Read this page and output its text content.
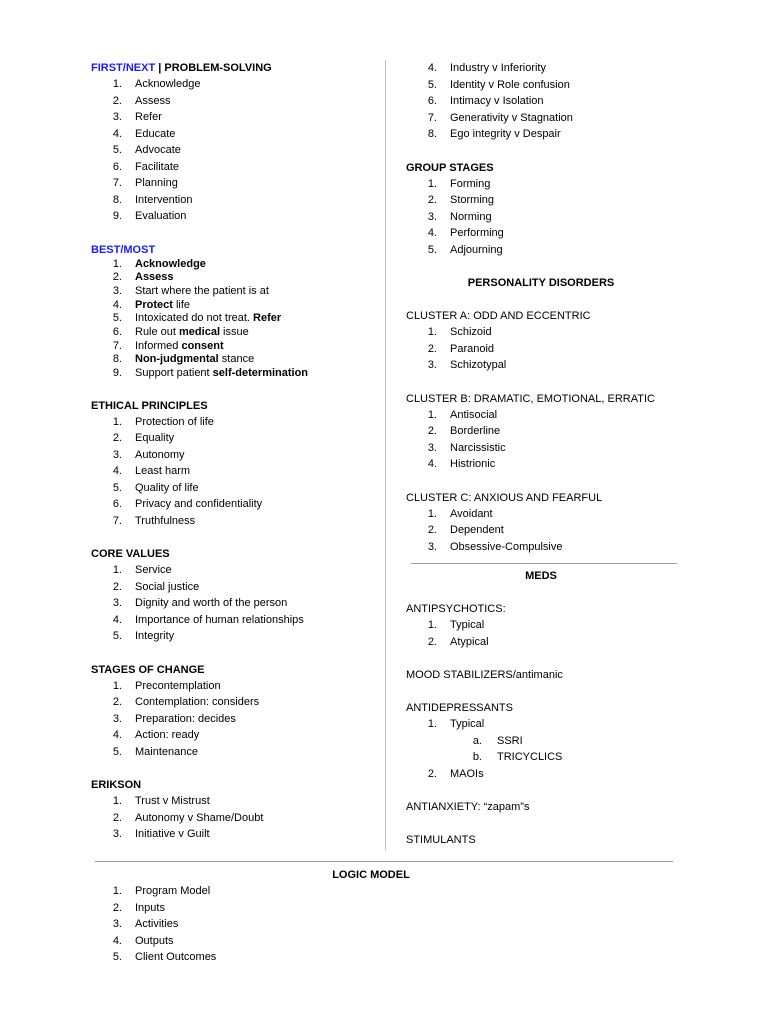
FIRST/NEXT | PROBLEM-SOLVING
1. Acknowledge
2. Assess
3. Refer
4. Educate
5. Advocate
6. Facilitate
7. Planning
8. Intervention
9. Evaluation
BEST/MOST
1. Acknowledge
2. Assess
3. Start where the patient is at
4. Protect life
5. Intoxicated do not treat. Refer
6. Rule out medical issue
7. Informed consent
8. Non-judgmental stance
9. Support patient self-determination
ETHICAL PRINCIPLES
1. Protection of life
2. Equality
3. Autonomy
4. Least harm
5. Quality of life
6. Privacy and confidentiality
7. Truthfulness
CORE VALUES
1. Service
2. Social justice
3. Dignity and worth of the person
4. Importance of human relationships
5. Integrity
STAGES OF CHANGE
1. Precontemplation
2. Contemplation: considers
3. Preparation: decides
4. Action: ready
5. Maintenance
ERIKSON
1. Trust v Mistrust
2. Autonomy v Shame/Doubt
3. Initiative v Guilt
4. Industry v Inferiority
5. Identity v Role confusion
6. Intimacy v Isolation
7. Generativity v Stagnation
8. Ego integrity v Despair
GROUP STAGES
1. Forming
2. Storming
3. Norming
4. Performing
5. Adjourning
PERSONALITY DISORDERS
CLUSTER A: ODD AND ECCENTRIC
1. Schizoid
2. Paranoid
3. Schizotypal
CLUSTER B: DRAMATIC, EMOTIONAL, ERRATIC
1. Antisocial
2. Borderline
3. Narcissistic
4. Histrionic
CLUSTER C: ANXIOUS AND FEARFUL
1. Avoidant
2. Dependent
3. Obsessive-Compulsive
MEDS
ANTIPSYCHOTICS:
1. Typical
2. Atypical
MOOD STABILIZERS/antimanic
ANTIDEPRESSANTS
1. Typical
a. SSRI
b. TRICYCLICS
2. MAOIs
ANTIANXIETY: “zapam”s
STIMULANTS
LOGIC MODEL
1. Program Model
2. Inputs
3. Activities
4. Outputs
5. Client Outcomes
